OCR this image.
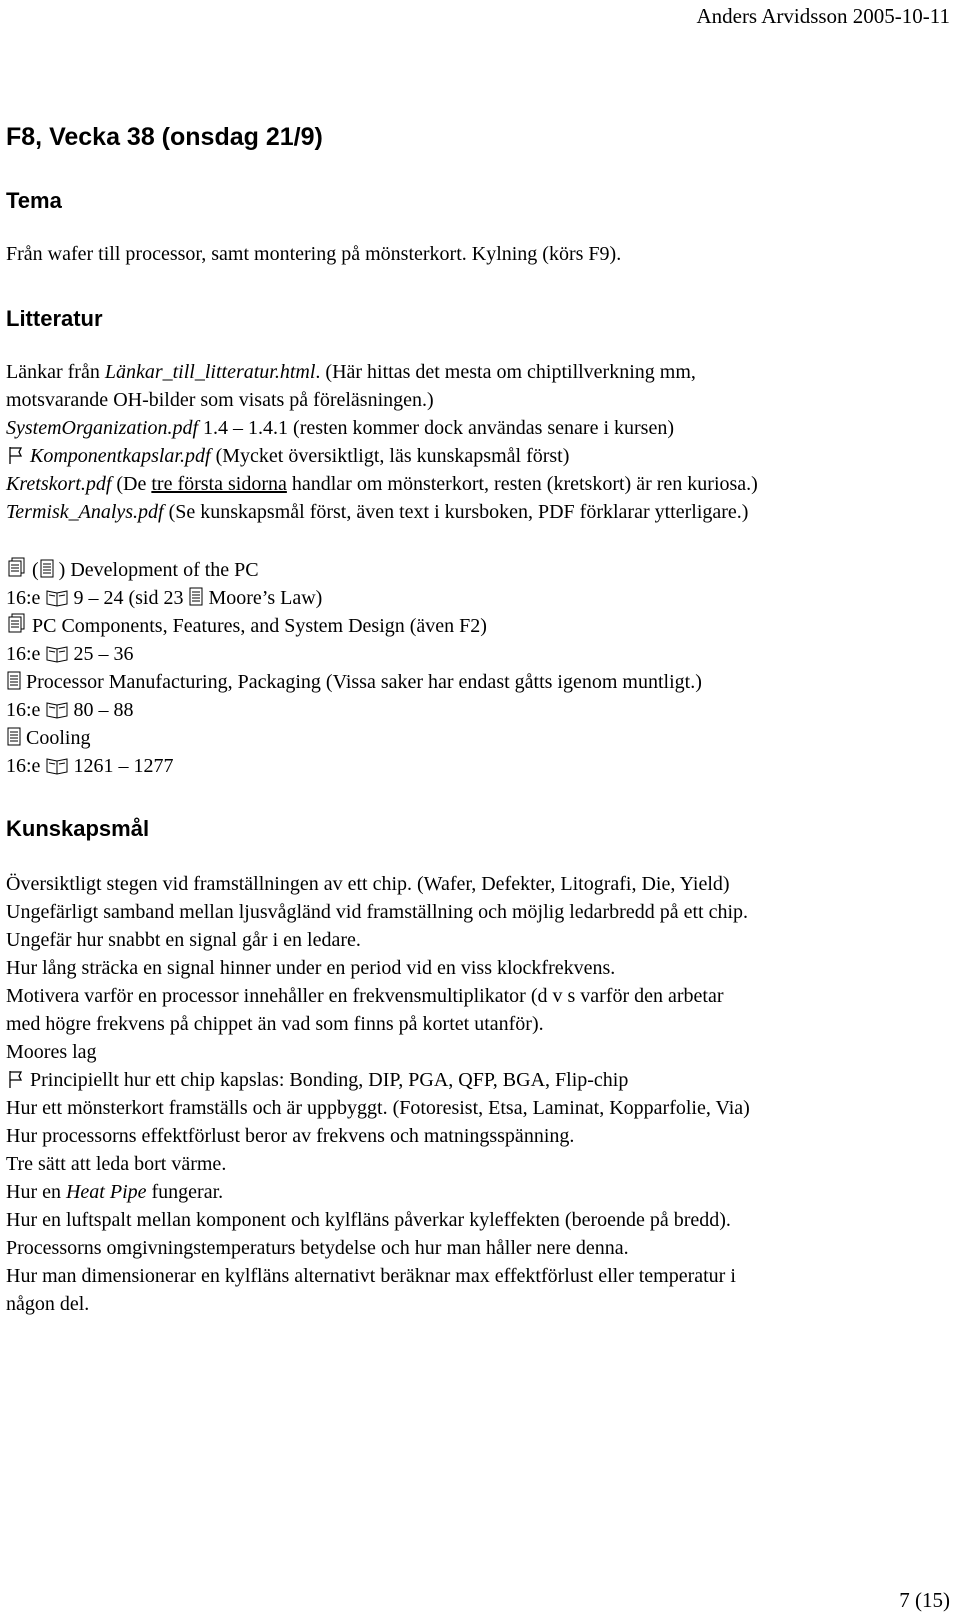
Anders Arvidsson 2005-10-11
F8, Vecka 38 (onsdag 21/9)
Tema
Från wafer till processor, samt montering på mönsterkort. Kylning (körs F9).
Litteratur
Länkar från Länkar_till_litteratur.html. (Här hittas det mesta om chiptillverkning mm,
motsvarande OH-bilder som visats på föreläsningen.)
SystemOrganization.pdf 1.4 – 1.4.1 (resten kommer dock användas senare i kursen)
Komponentkapslar.pdf (Mycket översiktligt, läs kunskapsmål först)
Kretskort.pdf (De tre första sidorna handlar om mönsterkort, resten (kretskort) är ren kuriosa.)
Termisk_Analys.pdf (Se kunskapsmål först, även text i kursboken, PDF förklarar ytterligare.)
( ) Development of the PC
16:e 9 – 24 (sid 23 Moore’s Law)
PC Components, Features, and System Design (även F2)
16:e 25 – 36
Processor Manufacturing, Packaging (Vissa saker har endast gåtts igenom muntligt.)
16:e 80 – 88
Cooling
16:e 1261 – 1277
Kunskapsmål
Översiktligt stegen vid framställningen av ett chip. (Wafer, Defekter, Litografi, Die, Yield)
Ungefärligt samband mellan ljusvågländ vid framställning och möjlig ledarbredd på ett chip.
Ungefär hur snabbt en signal går i en ledare.
Hur lång sträcka en signal hinner under en period vid en viss klockfrekvens.
Motivera varför en processor innehåller en frekvensmultiplikator (d v s varför den arbetar
med högre frekvens på chippet än vad som finns på kortet utanför).
Moores lag
Principiellt hur ett chip kapslas: Bonding, DIP, PGA, QFP, BGA, Flip-chip
Hur ett mönsterkort framställs och är uppbyggt. (Fotoresist, Etsa, Laminat, Kopparfolie, Via)
Hur processorns effektförlust beror av frekvens och matningsspänning.
Tre sätt att leda bort värme.
Hur en Heat Pipe fungerar.
Hur en luftspalt mellan komponent och kylfläns påverkar kyleffekten (beroende på bredd).
Processorns omgivningstemperaturs betydelse och hur man håller nere denna.
Hur man dimensionerar en kylfläns alternativt beräknar max effektförlust eller temperatur i
någon del.
7 (15)
